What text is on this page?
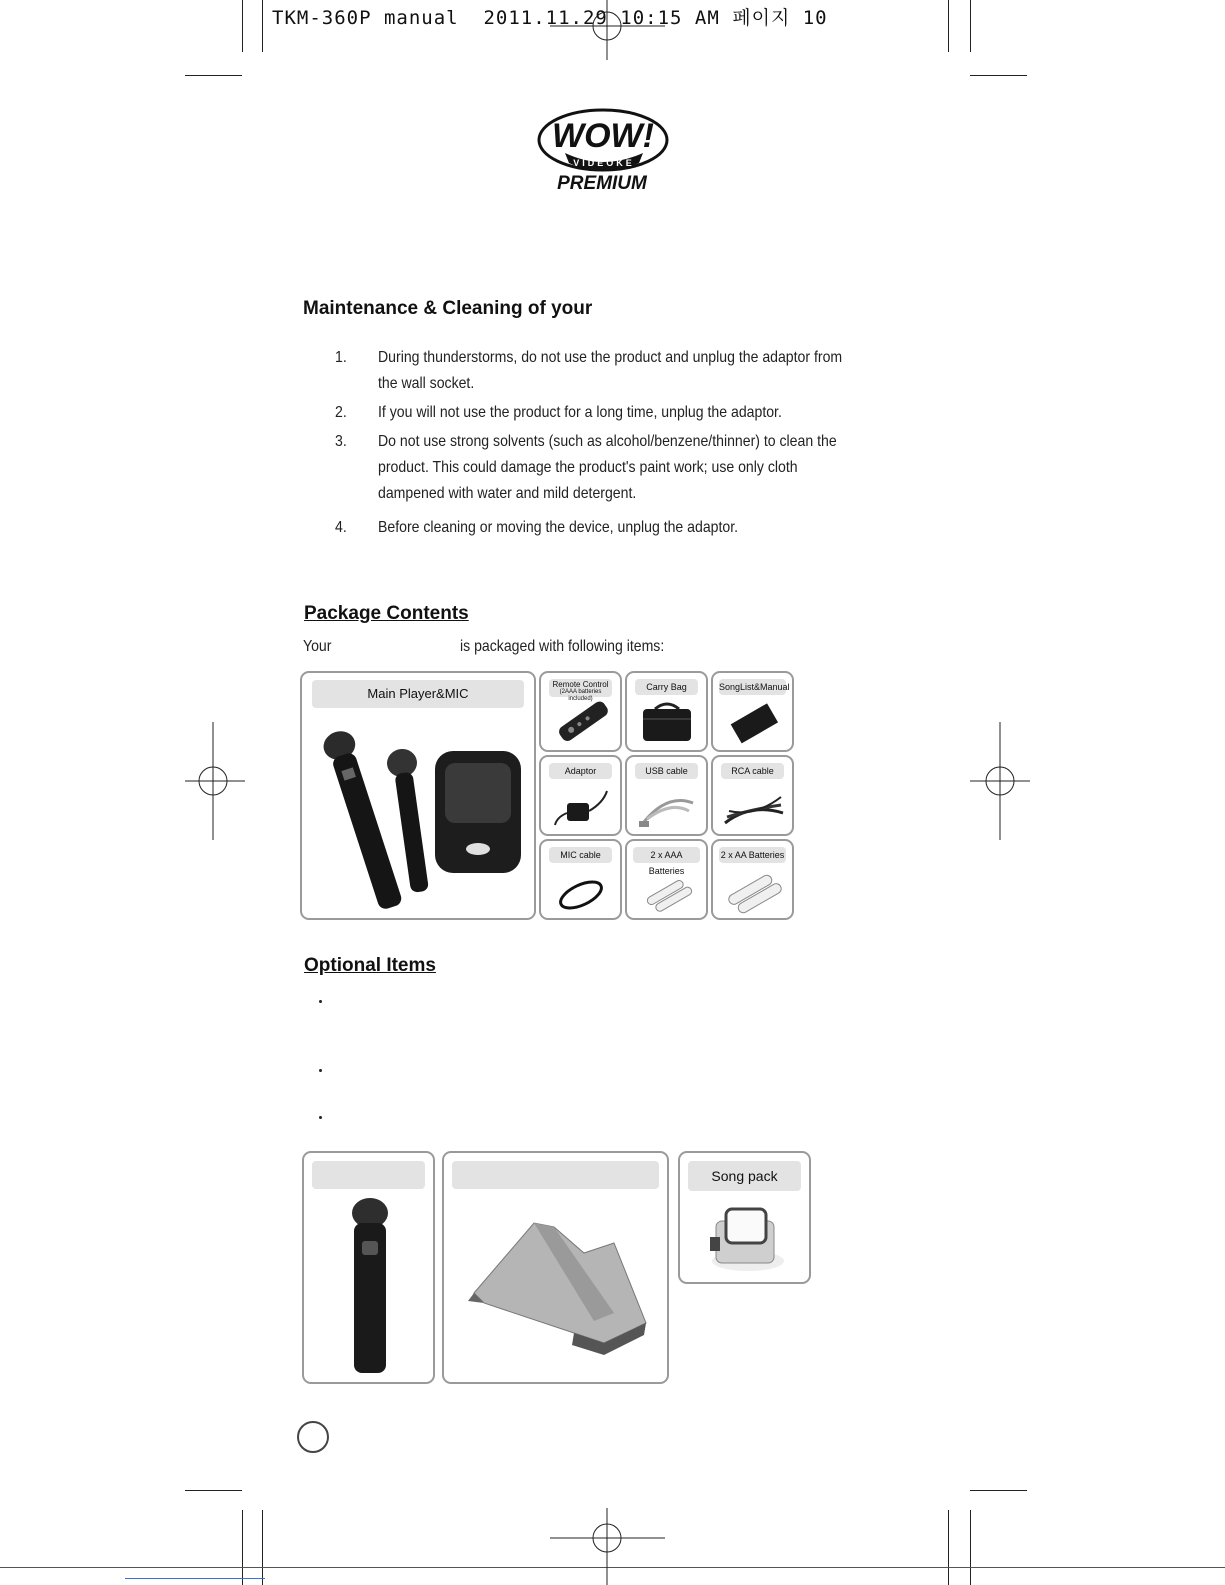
TKM-360P manual  2011.11.29 10:15 AM 페이지 10
WOW!
VIDEOKE
PREMIUM
Maintenance & Cleaning of your
1. During thunderstorms, do not use the product and unplug the adaptor from
the wall socket.
2. If you will not use the product for a long time, unplug the adaptor.
3. Do not use strong solvents (such as alcohol/benzene/thinner) to clean the
product. This could damage the product's paint work; use only cloth
dampened with water and mild detergent.
4. Before cleaning or moving the device, unplug the adaptor.
Package Contents
Your	is packaged with following items:
Main Player&MIC
Remote Control
(2AAA batteries included)
Carry Bag	SongList&Manual
Adaptor	USB cable	RCA cable
MIC cable	2 x AAA Batteries
2 x AA Batteries
Optional Items
Song pack
